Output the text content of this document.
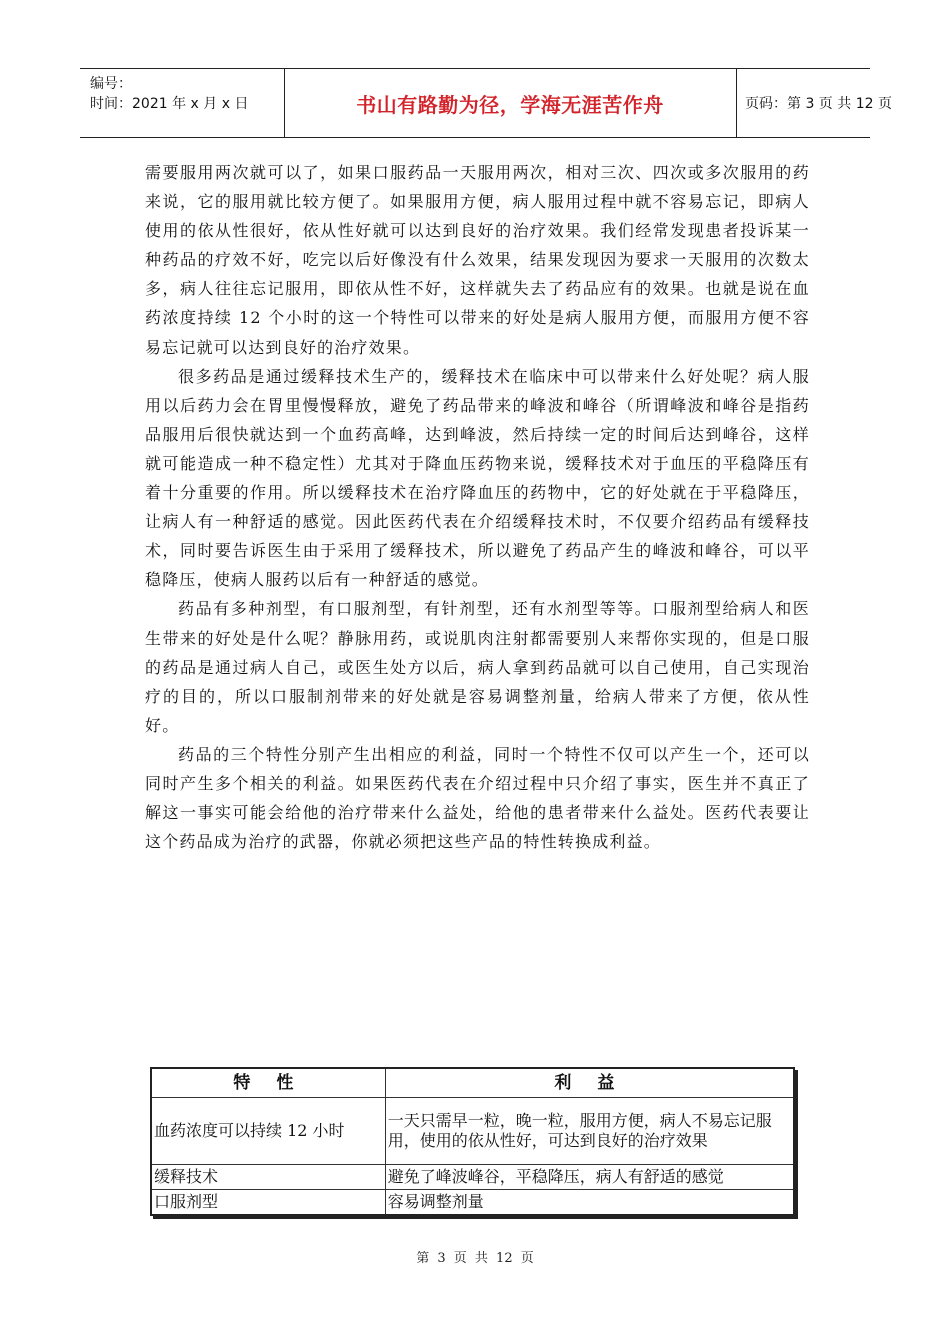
编号：
时间：2021 年 x 月 x 日	书山有路勤为径，学海无涯苦作舟	页码：第 3 页 共 12 页

需要服用两次就可以了，如果口服药品一天服用两次，相对三次、四次或多次服用的药来说，它的服用就比较方便了。如果服用方便，病人服用过程中就不容易忘记，即病人使用的依从性很好，依从性好就可以达到良好的治疗效果。我们经常发现患者投诉某一种药品的疗效不好，吃完以后好像没有什么效果，结果发现因为要求一天服用的次数太多，病人往往忘记服用，即依从性不好，这样就失去了药品应有的效果。也就是说在血药浓度持续 12 个小时的这一个特性可以带来的好处是病人服用方便，而服用方便不容易忘记就可以达到良好的治疗效果。

很多药品是通过缓释技术生产的，缓释技术在临床中可以带来什么好处呢？病人服用以后药力会在胃里慢慢释放，避免了药品带来的峰波和峰谷（所谓峰波和峰谷是指药品服用后很快就达到一个血药高峰，达到峰波，然后持续一定的时间后达到峰谷，这样就可能造成一种不稳定性）尤其对于降血压药物来说，缓释技术对于血压的平稳降压有着十分重要的作用。所以缓释技术在治疗降血压的药物中，它的好处就在于平稳降压，让病人有一种舒适的感觉。因此医药代表在介绍缓释技术时，不仅要介绍药品有缓释技术，同时要告诉医生由于采用了缓释技术，所以避免了药品产生的峰波和峰谷，可以平稳降压，使病人服药以后有一种舒适的感觉。

药品有多种剂型，有口服剂型，有针剂型，还有水剂型等等。口服剂型给病人和医生带来的好处是什么呢？静脉用药，或说肌肉注射都需要别人来帮你实现的，但是口服的药品是通过病人自己，或医生处方以后，病人拿到药品就可以自己使用，自己实现治疗的目的，所以口服制剂带来的好处就是容易调整剂量，给病人带来了方便，依从性好。

药品的三个特性分别产生出相应的利益，同时一个特性不仅可以产生一个，还可以同时产生多个相关的利益。如果医药代表在介绍过程中只介绍了事实，医生并不真正了解这一事实可能会给他的治疗带来什么益处，给他的患者带来什么益处。医药代表要让这个药品成为治疗的武器，你就必须把这些产品的特性转换成利益。

特 性	利 益
血药浓度可以持续 12 小时	一天只需早一粒，晚一粒，服用方便，病人不易忘记服用，使用的依从性好，可达到良好的治疗效果
缓释技术	避免了峰波峰谷，平稳降压，病人有舒适的感觉
口服剂型	容易调整剂量
第 3 页 共 12 页
